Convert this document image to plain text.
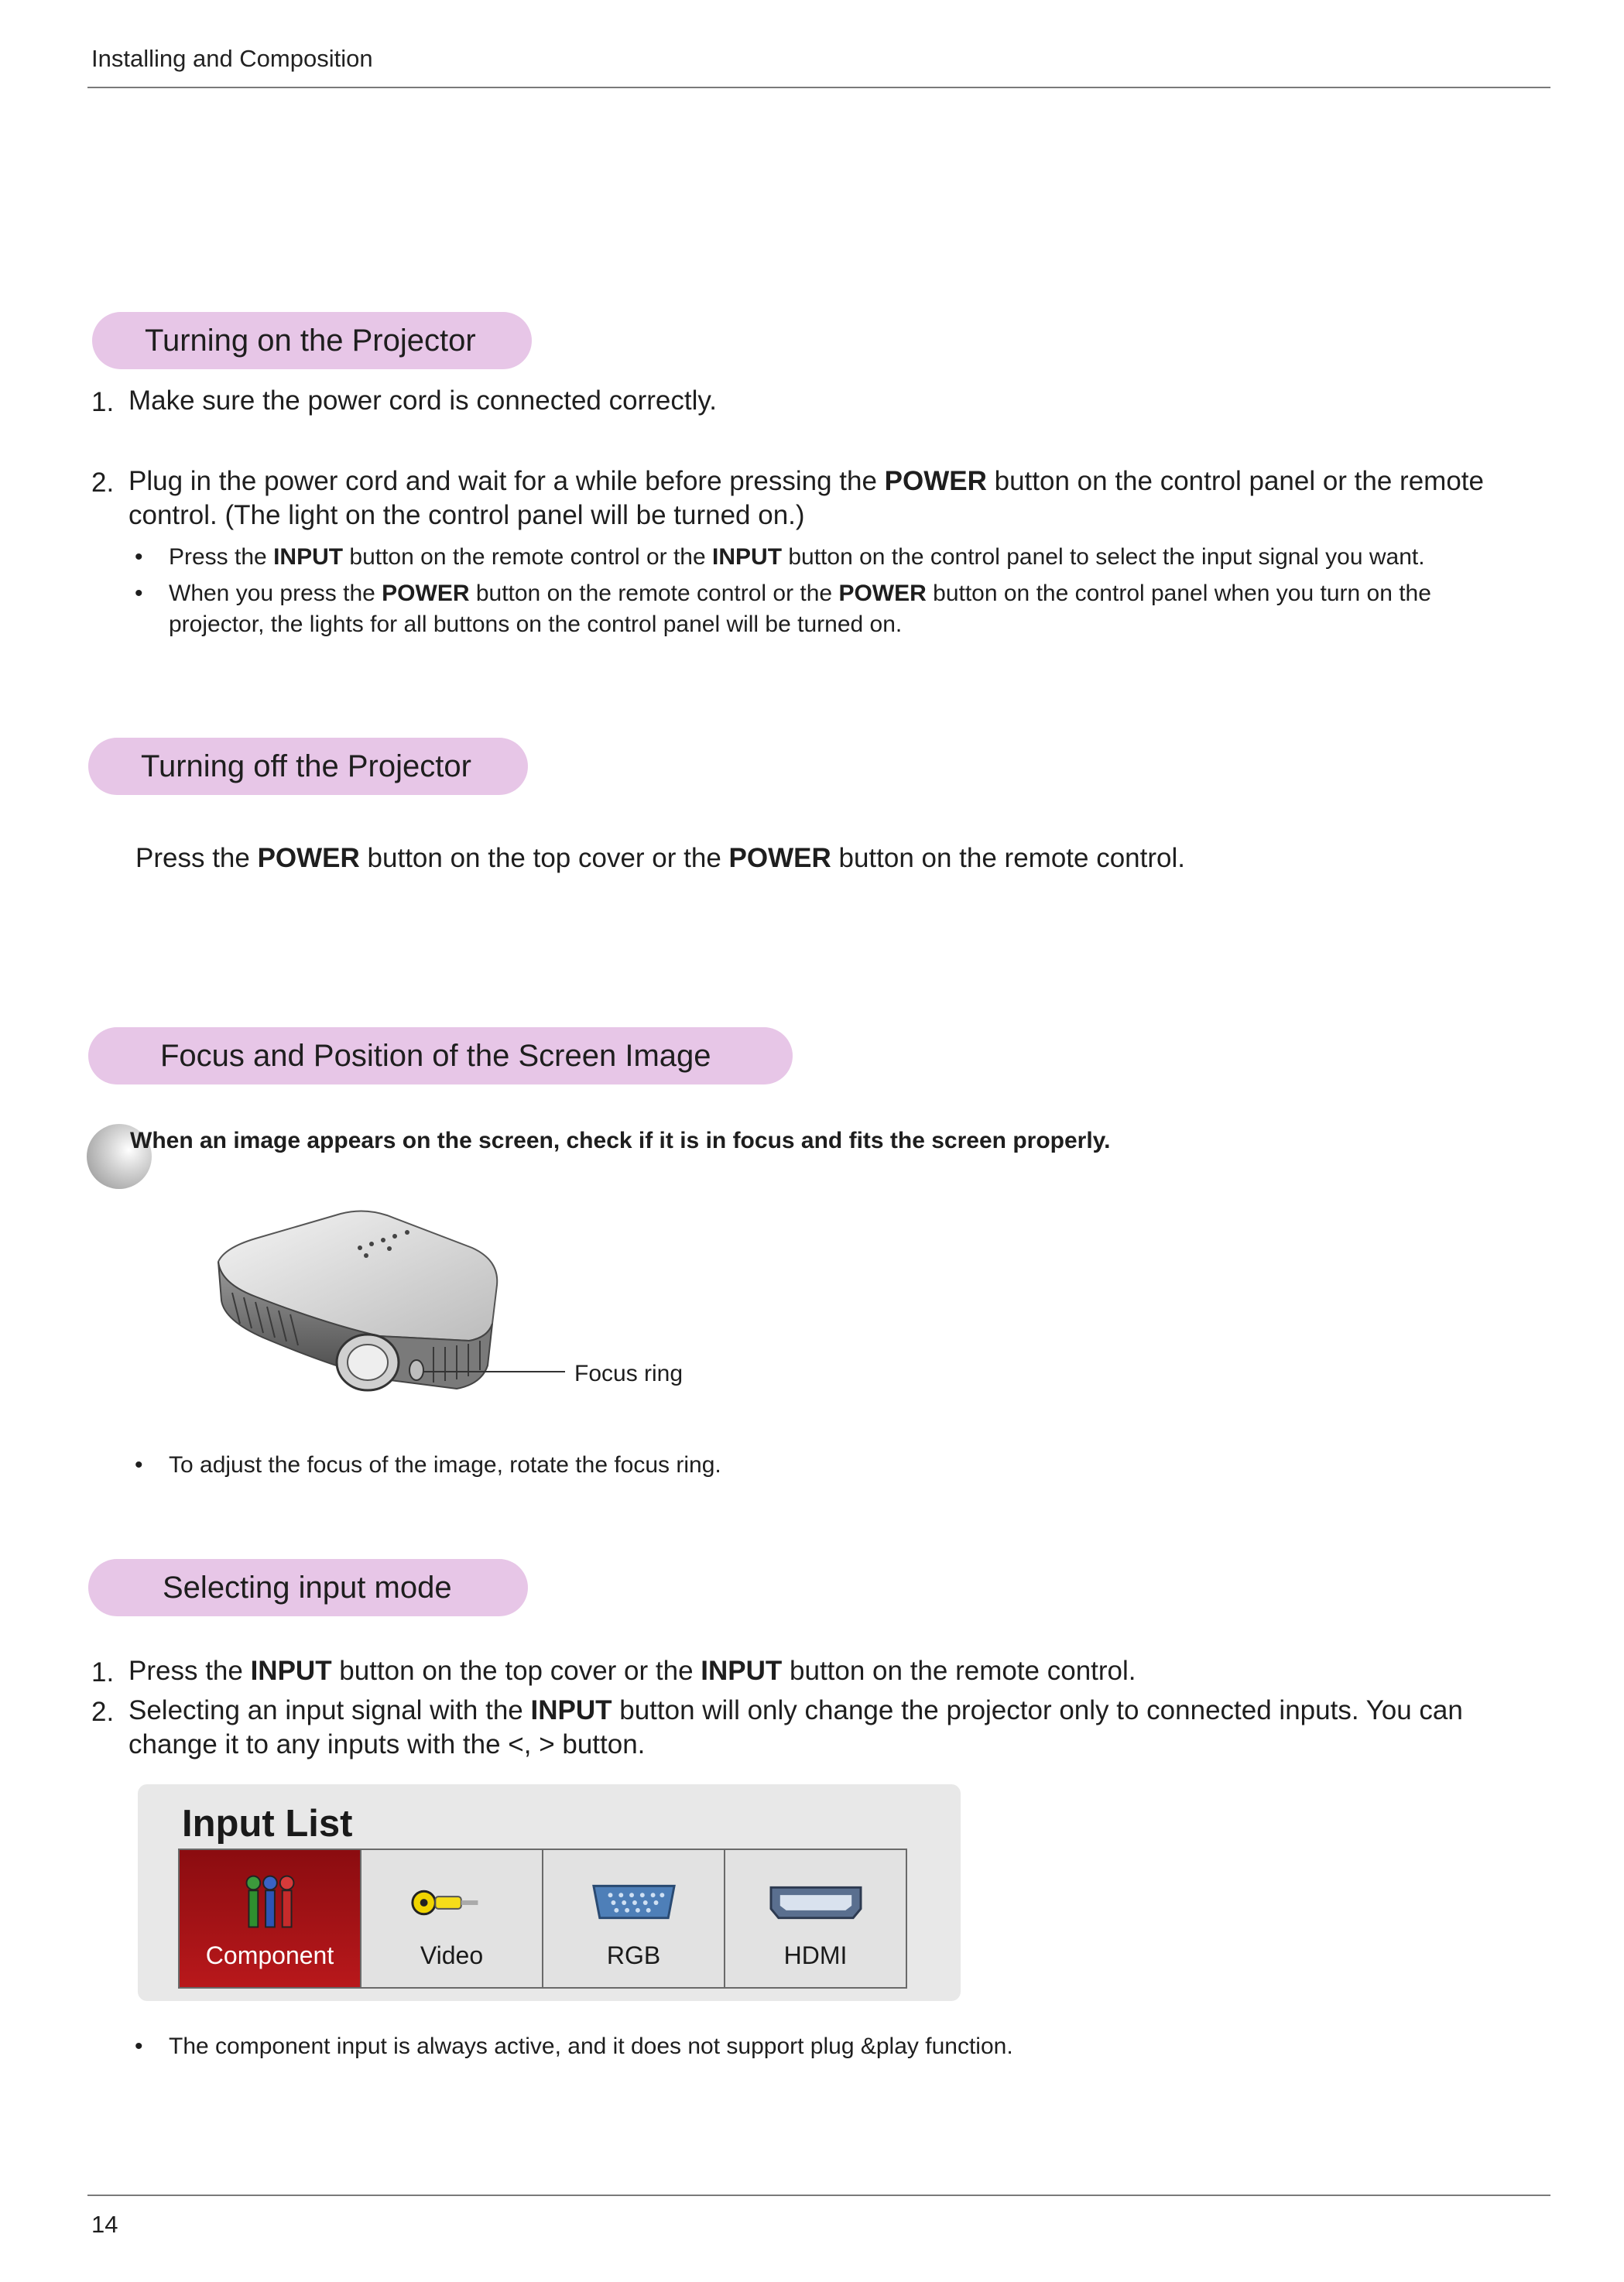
Installing and Composition
Turning on the Projector
1. Make sure the power cord is connected correctly.
2. Plug in the power cord and wait for a while before pressing the POWER button on the control panel or the remote
control. (The light on the control panel will be turned on.)
• Press the INPUT button on the remote control or the INPUT button on the control panel to select the input signal you want.
• When you press the POWER button on the remote control or the POWER button on the control panel when you turn on the
projector, the lights for all buttons on the control panel will be turned on.
Turning off the Projector
Press the POWER button on the top cover or the POWER button on the remote control.
Focus and Position of the Screen Image
When an image appears on the screen, check if it is in focus and fits the screen properly.
Focus ring
• To adjust the focus of the image, rotate the focus ring.
Selecting input mode
1. Press the INPUT button on the top cover or the INPUT button on the remote control.
2. Selecting an input signal with the INPUT button will only change the projector only to connected inputs. You can
change it to any inputs with the <, > button.
Input List
Component	Video	RGB	HDMI
• The component input is always active, and it does not support plug &play function.
14
